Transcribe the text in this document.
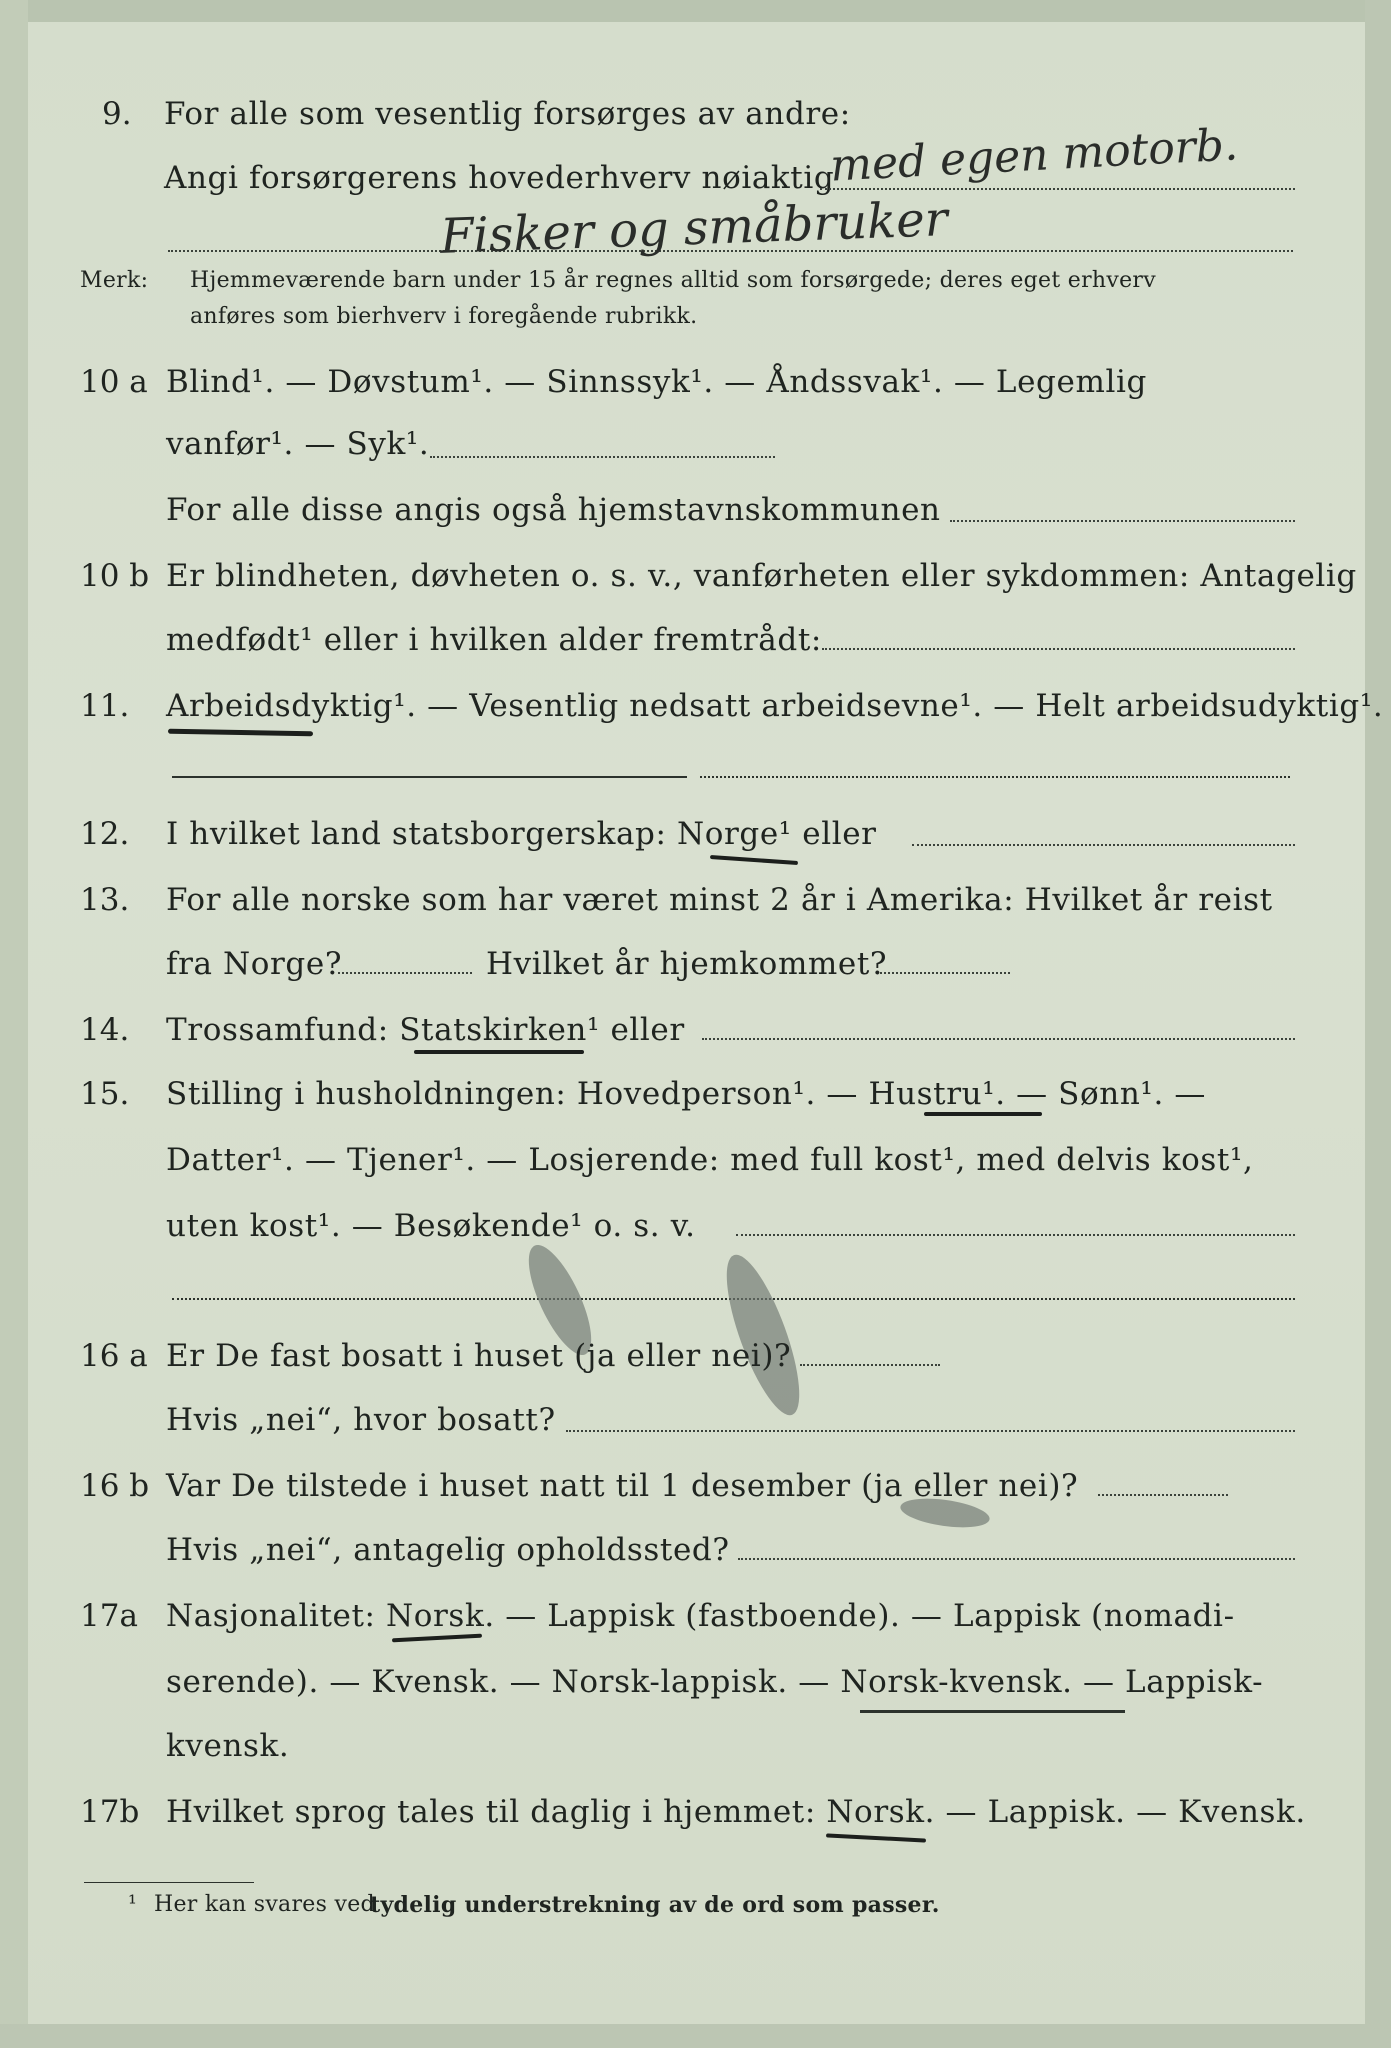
9. For alle som vesentlig forsørges av andre:
Angi forsørgerens hovederhverv nøiaktig
med egen motorb.
Fisker og småbruker
Merk: Hjemmeværende barn under 15 år regnes alltid som forsørgede; deres eget erhverv
anføres som bierhverv i foregående rubrikk.
10 a Blind¹. — Døvstum¹. — Sinnssyk¹. — Åndssvak¹. — Legemlig
vanfør¹. — Syk¹.
For alle disse angis også hjemstavnskommunen
10 b Er blindheten, døvheten o. s. v., vanførheten eller sykdommen: Antagelig
medfødt¹ eller i hvilken alder fremtrådt:
11. Arbeidsdyktig¹. — Vesentlig nedsatt arbeidsevne¹. — Helt arbeidsudyktig¹.
12. I hvilket land statsborgerskap: Norge¹ eller
13. For alle norske som har været minst 2 år i Amerika: Hvilket år reist
fra Norge?	Hvilket år hjemkommet?
14. Trossamfund: Statskirken¹ eller
15. Stilling i husholdningen: Hovedperson¹. — Hustru¹. — Sønn¹. —
Datter¹. — Tjener¹. — Losjerende: med full kost¹, med delvis kost¹,
uten kost¹. — Besøkende¹ o. s. v.
16 a Er De fast bosatt i huset (ja eller nei)?
Hvis „nei“, hvor bosatt?
16 b Var De tilstede i huset natt til 1 desember (ja eller nei)?
Hvis „nei“, antagelig opholdssted?
17a Nasjonalitet: Norsk. — Lappisk (fastboende). — Lappisk (nomadi-
serende). — Kvensk. — Norsk-lappisk. — Norsk-kvensk. — Lappisk-
kvensk.
17b Hvilket sprog tales til daglig i hjemmet: Norsk. — Lappisk. — Kvensk.
¹ Her kan svares ved
tydelig understrekning av de ord som passer.
